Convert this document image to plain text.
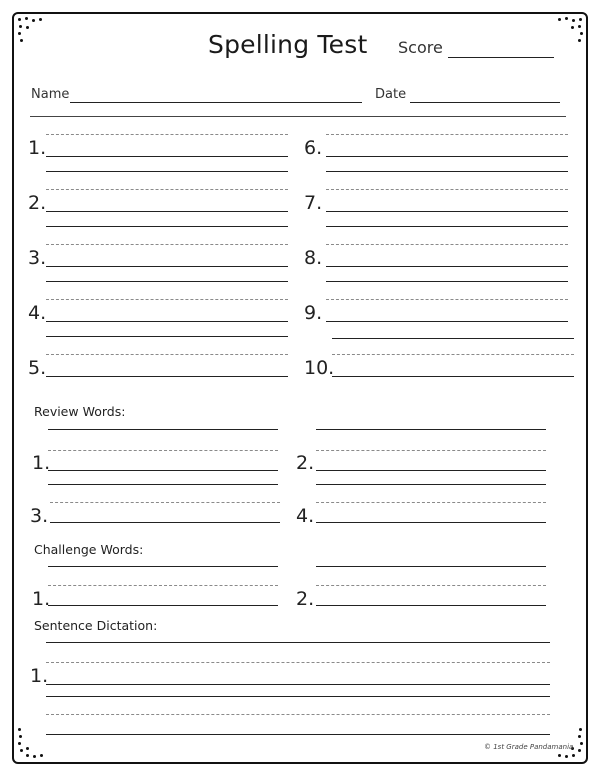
Spelling Test Score
Name	Date
1.
2.
3.
4.
5.
6.
7.
8.
9.
10.
Review Words:
1.	2.
3.	4.
Challenge Words:
1.	2.
Sentence Dictation:
1.
© 1st Grade Pandamania
